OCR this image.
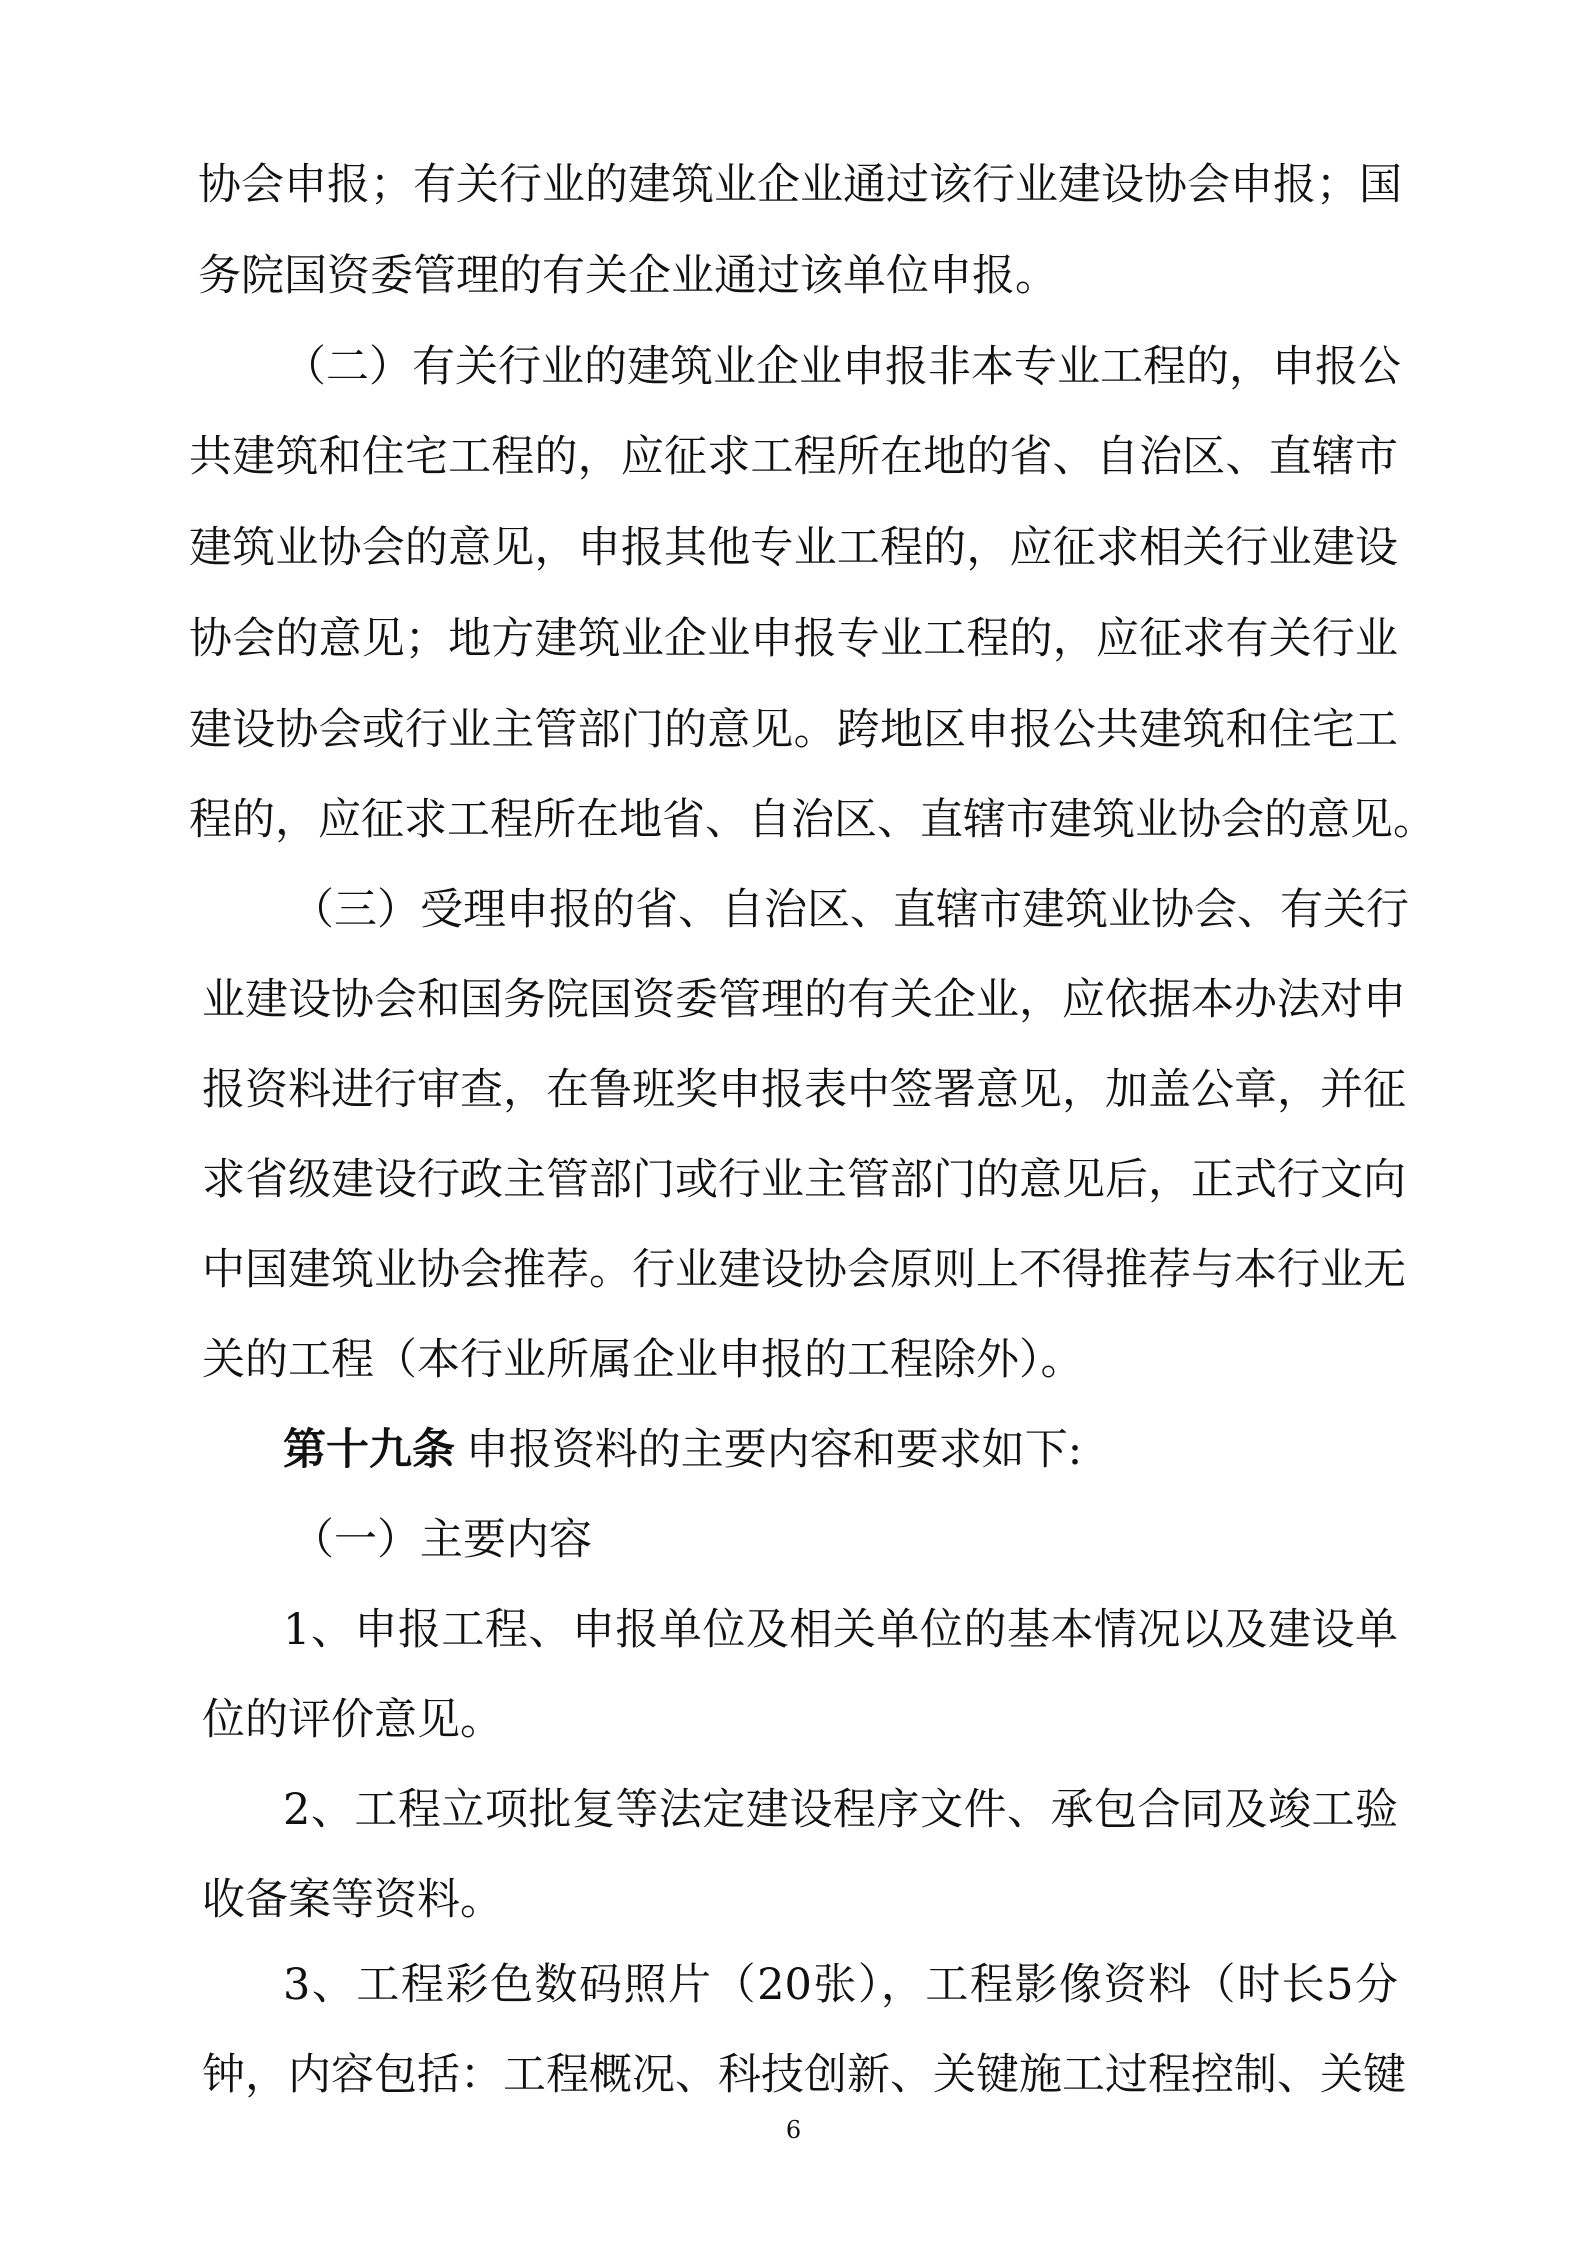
协会申报；有关行业的建筑业企业通过该行业建设协会申报；国
务院国资委管理的有关企业通过该单位申报。
（二）有关行业的建筑业企业申报非本专业工程的，申报公
共建筑和住宅工程的，应征求工程所在地的省、自治区、直辖市
建筑业协会的意见，申报其他专业工程的，应征求相关行业建设
协会的意见；地方建筑业企业申报专业工程的，应征求有关行业
建设协会或行业主管部门的意见。跨地区申报公共建筑和住宅工
程的，应征求工程所在地省、自治区、直辖市建筑业协会的意见。
（三）受理申报的省、自治区、直辖市建筑业协会、有关行
业建设协会和国务院国资委管理的有关企业，应依据本办法对申
报资料进行审查，在鲁班奖申报表中签署意见，加盖公章，并征
求省级建设行政主管部门或行业主管部门的意见后，正式行文向
中国建筑业协会推荐。行业建设协会原则上不得推荐与本行业无
关的工程（本行业所属企业申报的工程除外）。
第十九条  申报资料的主要内容和要求如下:
（一）主要内容
1、申报工程、申报单位及相关单位的基本情况以及建设单
位的评价意见。
2、工程立项批复等法定建设程序文件、承包合同及竣工验
收备案等资料。
3、工程彩色数码照片（20张），工程影像资料（时长5分
钟，内容包括：工程概况、科技创新、关键施工过程控制、关键
6
